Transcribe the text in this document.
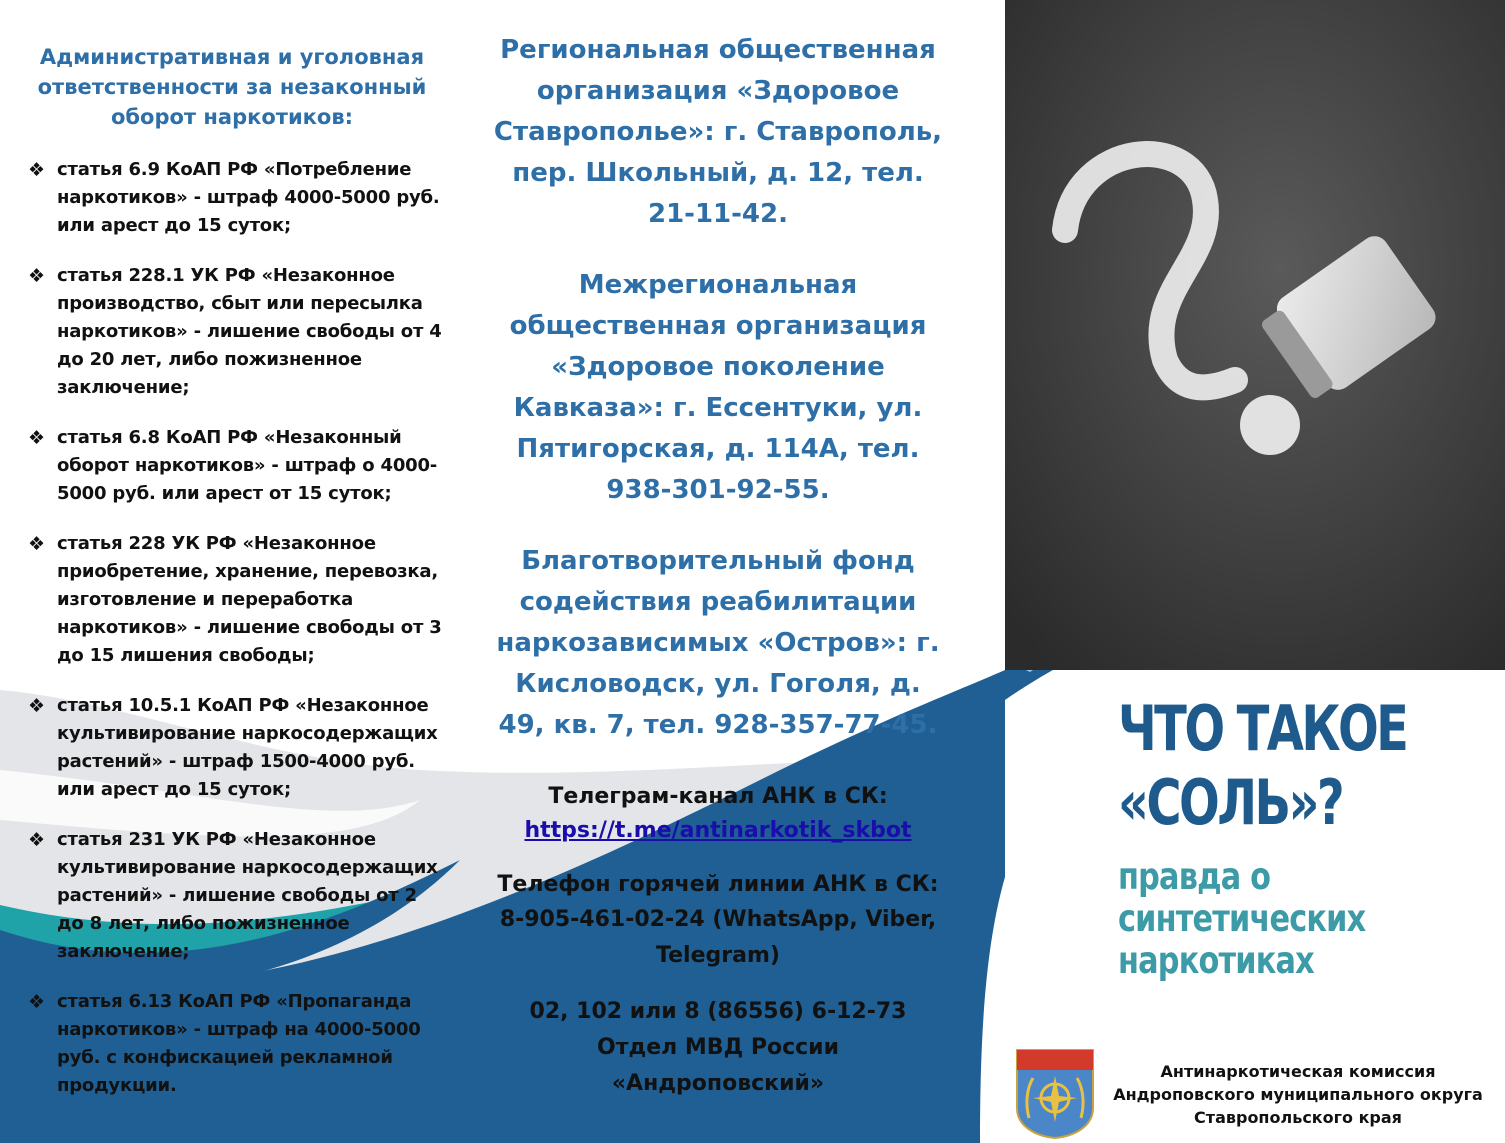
Административная и уголовная ответственности за незаконный оборот наркотиков:
❖ статья 6.9 КоАП РФ «Потребление наркотиков» - штраф 4000-5000 руб. или арест до 15 суток;
❖ статья 228.1 УК РФ «Незаконное производство, сбыт или пересылка наркотиков» - лишение свободы от 4 до 20 лет, либо пожизненное заключение;
❖ статья 6.8 КоАП РФ «Незаконный оборот наркотиков» - штраф о 4000-5000 руб. или арест от 15 суток;
❖ статья 228 УК РФ «Незаконное приобретение, хранение, перевозка, изготовление и переработка наркотиков» - лишение свободы от 3 до 15 лишения свободы;
❖ статья 10.5.1 КоАП РФ «Незаконное культивирование наркосодержащих растений» - штраф 1500-4000 руб. или арест до 15 суток;
❖ статья 231 УК РФ «Незаконное культивирование наркосодержащих растений» - лишение свободы от 2 до 8 лет, либо пожизненное заключение;
❖ статья 6.13 КоАП РФ «Пропаганда наркотиков» - штраф на 4000-5000 руб. с конфискацией рекламной продукции.

Региональная общественная организация «Здоровое Ставрополье»: г. Ставрополь, пер. Школьный, д. 12, тел. 21-11-42.

Межрегиональная общественная организация «Здоровое поколение Кавказа»: г. Ессентуки, ул. Пятигорская, д. 114А, тел. 938-301-92-55.

Благотворительный фонд содействия реабилитации наркозависимых «Остров»: г. Кисловодск, ул. Гоголя, д. 49, кв. 7, тел. 928-357-77-45.

Телеграм-канал АНК в СК:

https://t.me/antinarkotik_skbot

Телефон горячей линии АНК в СК:

8-905-461-02-24 (WhatsApp, Viber, Telegram)

02, 102 или 8 (86556) 6-12-73

Отдел МВД России

«Андроповский»

ЧТО ТАКОЕ
«СОЛЬ»?

правда о синтетических наркотиках

Антинаркотическая комиссия

Андроповского муниципального округа

Ставропольского края
